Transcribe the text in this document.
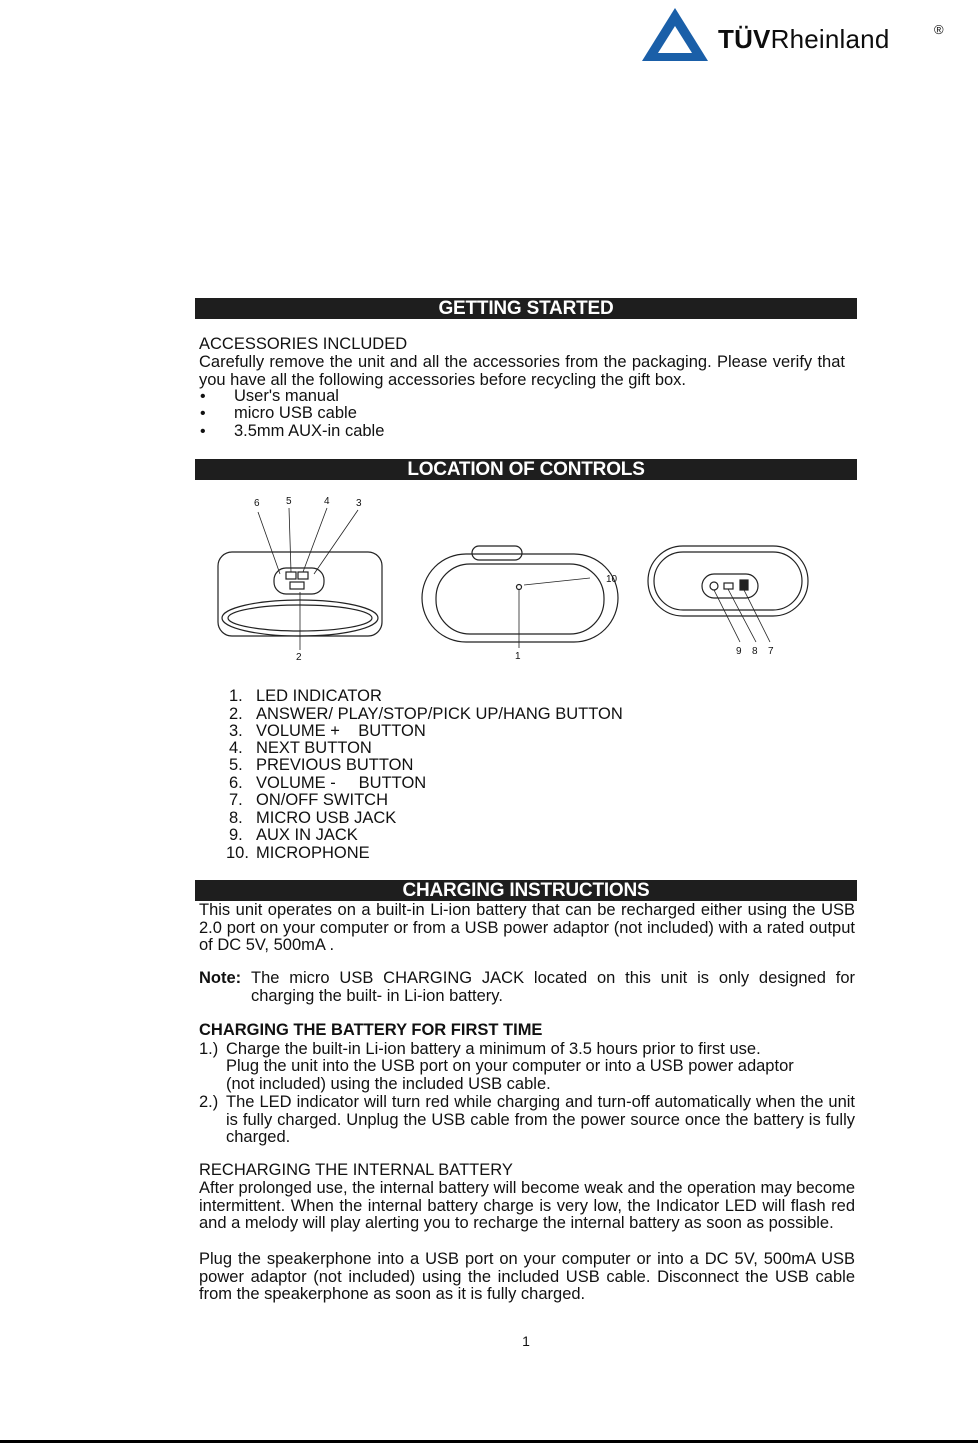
TÜVRheinland	®
GETTING STARTED
ACCESSORIES INCLUDED
Carefully remove the unit and all the accessories from the packaging. Please verify that you have all the following accessories before recycling the gift box.
• User's manual
• micro USB cable
• 3.5mm AUX-in cable
LOCATION OF CONTROLS
6	5	4	3
2	1
10
9 8 7
1. LED INDICATOR
2. ANSWER/ PLAY/STOP/PICK UP/HANG BUTTON
3. VOLUME +    BUTTON
4. NEXT BUTTON
5. PREVIOUS BUTTON
6. VOLUME -     BUTTON
7. ON/OFF SWITCH
8. MICRO USB JACK
9. AUX IN JACK
10. MICROPHONE
CHARGING INSTRUCTIONS
This unit operates on a built-in Li-ion battery that can be recharged either using the USB 2.0 port on your computer or from a USB power adaptor (not included) with a rated output of DC 5V, 500mA .
Note: The micro USB CHARGING JACK located on this unit is only designed for
charging the built- in Li-ion battery.
CHARGING THE BATTERY FOR FIRST TIME
1.) Charge the built-in Li-ion battery a minimum of 3.5 hours prior to first use.
Plug the unit into the USB port on your computer or into a USB power adaptor
(not included) using the included USB cable.
2.) The LED indicator will turn red while charging and turn-off automatically when the unit is fully charged. Unplug the USB cable from the power source once the battery is fully charged.
RECHARGING THE INTERNAL BATTERY
After prolonged use, the internal battery will become weak and the operation may become intermittent. When the internal battery charge is very low, the Indicator LED will flash red and a melody will play alerting you to recharge the internal battery as soon as possible.
Plug the speakerphone into a USB port on your computer or into a DC 5V, 500mA USB power adaptor (not included) using the included USB cable. Disconnect the USB cable from the speakerphone as soon as it is fully charged.
1
